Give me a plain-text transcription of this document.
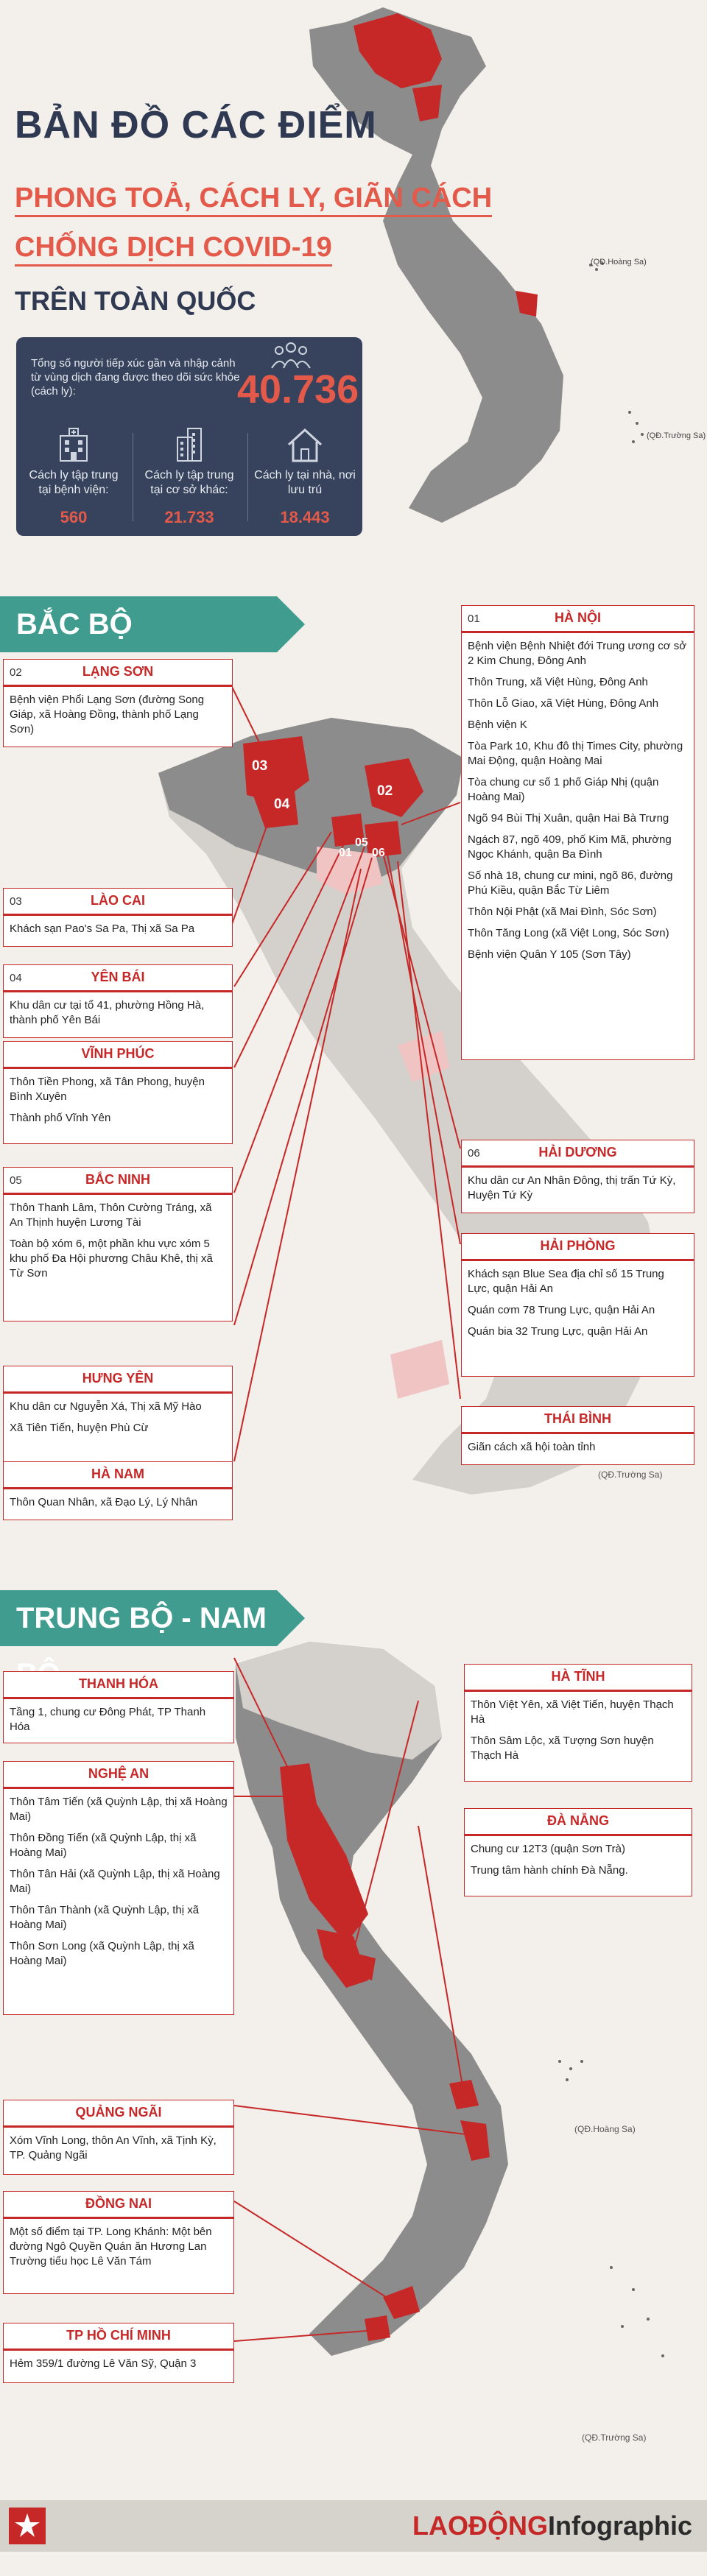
BẢN ĐỒ CÁC ĐIỂM
PHONG TOẢ, CÁCH LY, GIÃN CÁCH
CHỐNG DỊCH COVID-19
TRÊN TOÀN QUỐC
(QĐ.Hoàng Sa)
(QĐ.Trường Sa)
Tổng số người tiếp xúc gần và nhập cảnh từ vùng dịch đang được theo dõi sức khỏe (cách ly):	40.736
Cách ly tập trung tại bệnh viện:
560
Cách ly tập trung tại cơ sở khác:
21.733
Cách ly tại nhà, nơi lưu trú
18.443
BẮC BỘ
03
02
04
05
01 06
01	HÀ NỘI
Bệnh viện Bệnh Nhiệt đới Trung ương cơ sở 2 Kim Chung, Đông Anh
Thôn Trung, xã Việt Hùng, Đông Anh
Thôn Lỗ Giao, xã Việt Hùng, Đông Anh
Bệnh viện K
Tòa Park 10, Khu đô thị Times City, phường Mai Động, quận Hoàng Mai
Tòa chung cư số 1 phố Giáp Nhị (quận Hoàng Mai)
Ngõ 94 Bùi Thị Xuân, quận Hai Bà Trưng
Ngách 87, ngõ 409, phố Kim Mã, phường Ngọc Khánh, quận Ba Đình
Số nhà 18, chung cư mini, ngõ 86, đường Phú Kiều, quận Bắc Từ Liêm
Thôn Nội Phật (xã Mai Đình, Sóc Sơn)
Thôn Tăng Long (xã Việt Long, Sóc Sơn)
Bệnh viện Quân Y 105 (Sơn Tây)
02	LẠNG SƠN
Bệnh viện Phổi Lạng Sơn (đường Song Giáp, xã Hoàng Đồng, thành phố Lạng Sơn)
03	LÀO CAI
Khách sạn Pao's Sa Pa, Thị xã Sa Pa
04	YÊN BÁI
Khu dân cư tại tổ 41, phường Hồng Hà, thành phố Yên Bái
VĨNH PHÚC
Thôn Tiền Phong, xã Tân Phong, huyện Bình Xuyên
Thành phố Vĩnh Yên
05	BẮC NINH
Thôn Thanh Lâm, Thôn Cường Tráng, xã An Thịnh huyện Lương Tài
Toàn bộ xóm 6, một phần khu vực xóm 5 khu phố Đa Hội phương Châu Khê, thị xã Từ Sơn
HƯNG YÊN
Khu dân cư Nguyễn Xá, Thị xã Mỹ Hào
Xã Tiên Tiến, huyện Phù Cừ
HÀ NAM
Thôn Quan Nhân, xã Đạo Lý, Lý Nhân
06	HẢI DƯƠNG
Khu dân cư An Nhân Đông, thị trấn Tứ Kỳ, Huyện Tứ Kỳ
HẢI PHÒNG
Khách sạn Blue Sea địa chỉ số 15 Trung Lực, quận Hải An
Quán cơm 78 Trung Lực, quận Hải An
Quán bia 32 Trung Lực, quận Hải An
THÁI BÌNH
Giãn cách xã hội toàn tỉnh
(QĐ.Trường Sa)
TRUNG BỘ - NAM
THANH HÓA
Tầng 1, chung cư Đông Phát, TP Thanh Hóa
NGHỆ AN
Thôn Tâm Tiến (xã Quỳnh Lập, thị xã Hoàng Mai)
Thôn Đồng Tiến (xã Quỳnh Lập, thị xã Hoàng Mai)
Thôn Tân Hải (xã Quỳnh Lập, thị xã Hoàng Mai)
Thôn Tân Thành (xã Quỳnh Lập, thị xã Hoàng Mai)
Thôn Sơn Long (xã Quỳnh Lập, thị xã Hoàng Mai)
HÀ TĨNH
Thôn Việt Yên, xã Việt Tiến, huyện Thạch Hà
Thôn Sâm Lộc, xã Tượng Sơn huyện Thạch Hà
ĐÀ NẴNG
Chung cư 12T3 (quận Sơn Trà)
Trung tâm hành chính Đà Nẵng.
QUẢNG NGÃI
Xóm Vĩnh Long, thôn An Vĩnh, xã Tịnh Kỳ, TP. Quảng Ngãi
ĐỒNG NAI
Một số điểm tại TP. Long Khánh: Một bên đường Ngô Quyền Quán ăn Hương Lan Trường tiểu học Lê Văn Tám
TP HỒ CHÍ MINH
Hẻm 359/1 đường Lê Văn Sỹ, Quận 3
(QĐ.Hoàng Sa)
(QĐ.Trường Sa)
LAOĐỘNGInfographic
